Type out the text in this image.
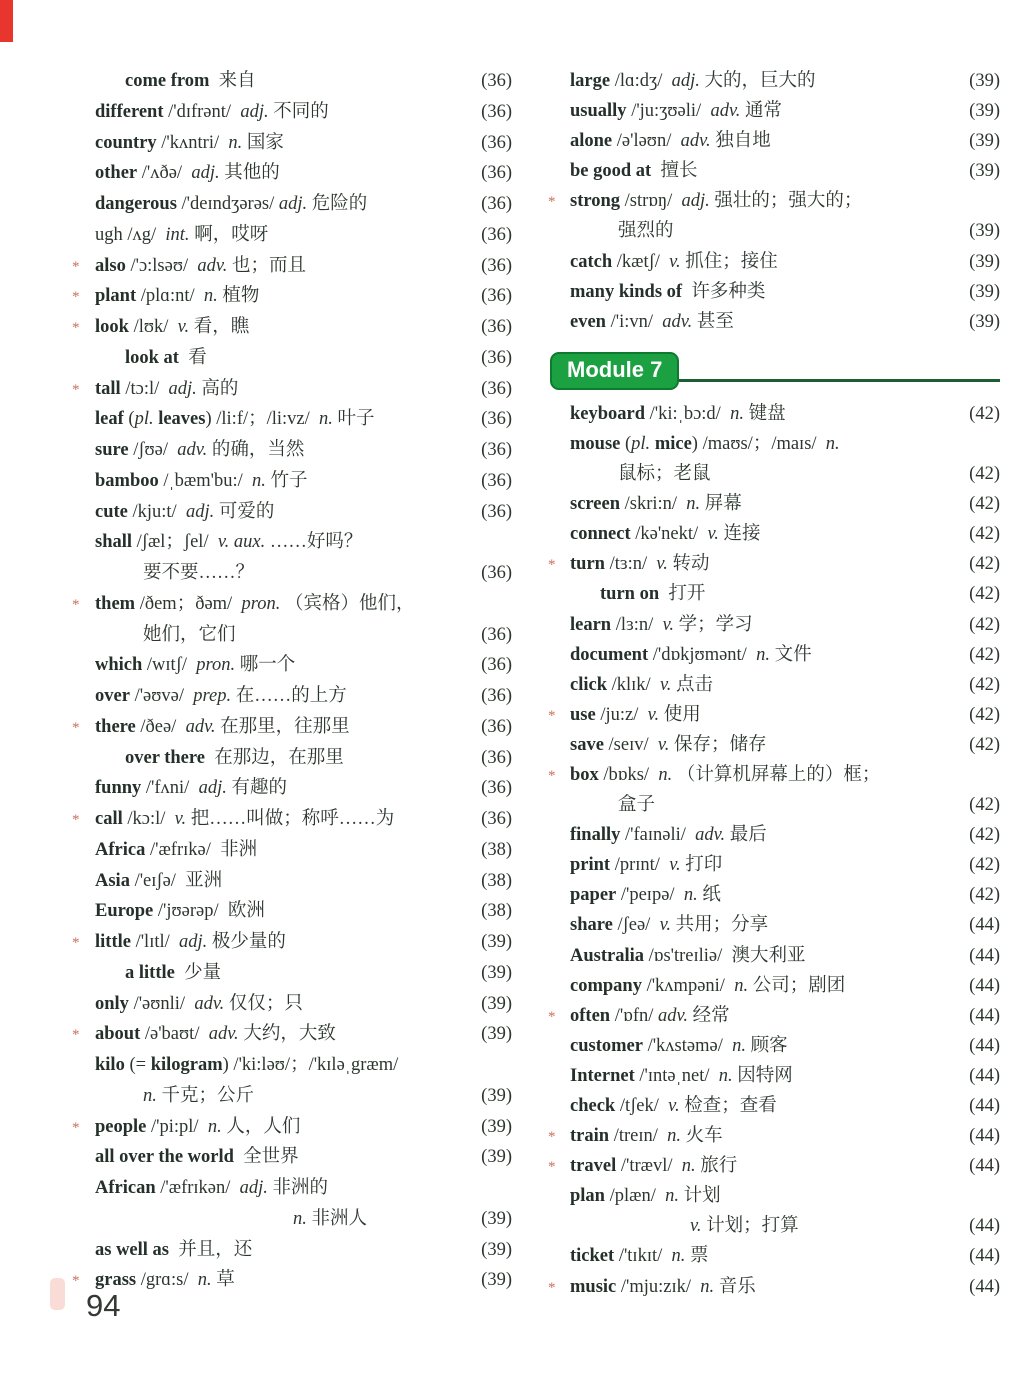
come from  来自	(36)
different /'dɪfrənt/  adj. 不同的	(36)
country /'kʌntri/  n. 国家	(36)
other /'ʌðə/  adj. 其他的	(36)
dangerous /'deɪndʒərəs/ adj. 危险的	(36)
ugh /ʌg/  int. 啊，哎呀	(36)
* also /'ɔ:lsəʊ/  adv. 也；而且	(36)
* plant /plɑ:nt/  n. 植物	(36)
* look /lʊk/  v. 看，瞧	(36)
look at  看	(36)
* tall /tɔ:l/  adj. 高的	(36)
leaf (pl. leaves) /li:f/；/li:vz/  n. 叶子	(36)
sure /ʃʊə/  adv. 的确，当然	(36)
bamboo /ˌbæm'bu:/  n. 竹子	(36)
cute /kju:t/  adj. 可爱的	(36)
shall /ʃæl；ʃel/  v. aux. ……好吗？
要不要……？	(36)
* them /ðem；ðəm/  pron. （宾格）他们，
她们，它们	(36)
which /wɪtʃ/  pron. 哪一个	(36)
over /'əʊvə/  prep. 在……的上方	(36)
* there /ðeə/  adv. 在那里，往那里	(36)
over there  在那边，在那里	(36)
funny /'fʌni/  adj. 有趣的	(36)
* call /kɔ:l/  v. 把……叫做；称呼……为	(36)
Africa /'æfrɪkə/  非洲	(38)
Asia /'eɪʃə/  亚洲	(38)
Europe /'jʊərəp/  欧洲	(38)
* little /'lɪtl/  adj. 极少量的	(39)
a little  少量	(39)
only /'əʊnli/  adv. 仅仅；只	(39)
* about /ə'baʊt/  adv. 大约，大致	(39)
kilo (= kilogram) /'ki:ləʊ/；/'kɪləˌgræm/
n. 千克；公斤	(39)
* people /'pi:pl/  n. 人，人们	(39)
all over the world  全世界	(39)
African /'æfrɪkən/  adj. 非洲的
n. 非洲人	(39)
as well as  并且，还	(39)
* grass /grɑ:s/  n. 草	(39)
large /lɑ:dʒ/  adj. 大的，巨大的	(39)
usually /'ju:ʒʊəli/  adv. 通常	(39)
alone /ə'ləʊn/  adv. 独自地	(39)
be good at  擅长	(39)
* strong /strɒŋ/  adj. 强壮的；强大的；
强烈的	(39)
catch /kætʃ/  v. 抓住；接住	(39)
many kinds of  许多种类	(39)
even /'i:vn/  adv. 甚至	(39)
Module 7
keyboard /'ki:ˌbɔ:d/  n. 键盘	(42)
mouse (pl. mice) /maʊs/；/maɪs/  n.
鼠标；老鼠	(42)
screen /skri:n/  n. 屏幕	(42)
connect /kə'nekt/  v. 连接	(42)
* turn /tɜ:n/  v. 转动	(42)
turn on  打开	(42)
learn /lɜ:n/  v. 学；学习	(42)
document /'dɒkjʊmənt/  n. 文件	(42)
click /klɪk/  v. 点击	(42)
* use /ju:z/  v. 使用	(42)
save /seɪv/  v. 保存；储存	(42)
* box /bɒks/  n. （计算机屏幕上的）框；
盒子	(42)
finally /'faɪnəli/  adv. 最后	(42)
print /prɪnt/  v. 打印	(42)
paper /'peɪpə/  n. 纸	(42)
share /ʃeə/  v. 共用；分享	(44)
Australia /ɒs'treɪliə/  澳大利亚	(44)
company /'kʌmpəni/  n. 公司；剧团	(44)
* often /'ɒfn/ adv. 经常	(44)
customer /'kʌstəmə/  n. 顾客	(44)
Internet /'ɪntəˌnet/  n. 因特网	(44)
check /tʃek/  v. 检查；查看	(44)
* train /treɪn/  n. 火车	(44)
* travel /'trævl/  n. 旅行	(44)
plan /plæn/  n. 计划
v. 计划；打算	(44)
ticket /'tɪkɪt/  n. 票	(44)
* music /'mju:zɪk/  n. 音乐	(44)
94
